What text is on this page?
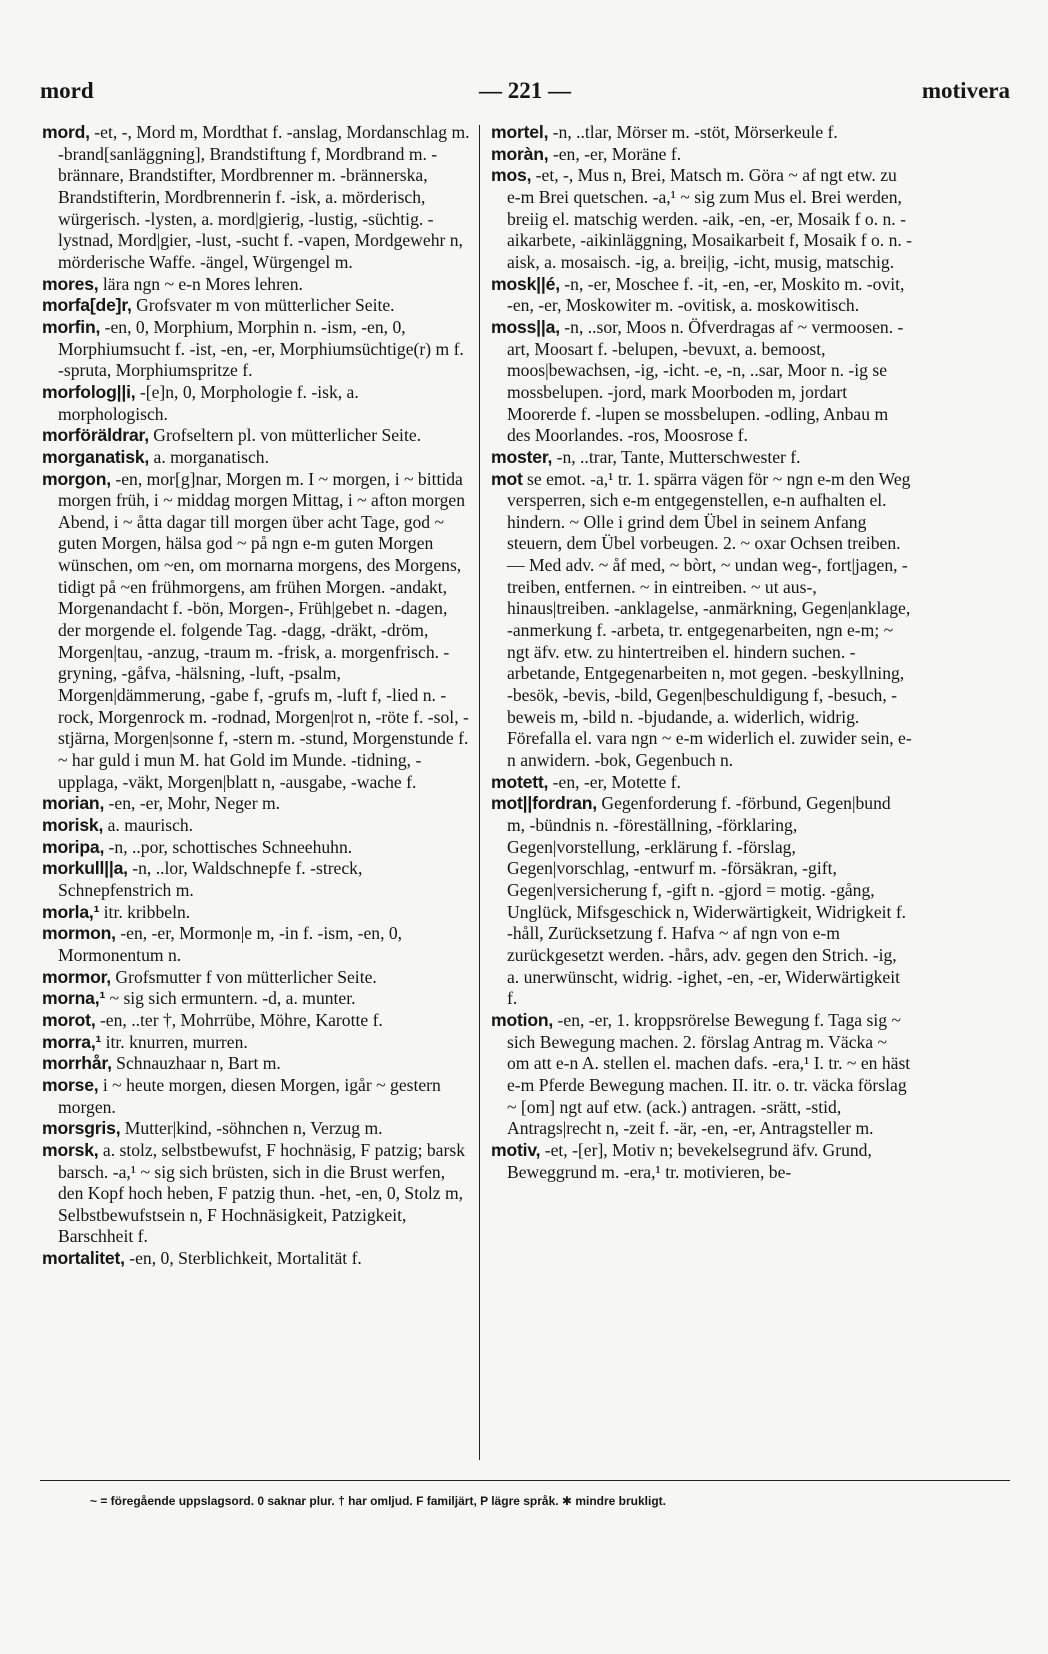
mord	— 221 —	motivera

mord, -et, -, Mord m, Mordthat f. -anslag, Mordanschlag m. -brand[sanläggning], Brandstiftung f, Mordbrand m. -brännare, Brandstifter, Mordbrenner m. -brännerska, Brandstifterin, Mordbrennerin f. -isk, a. mörderisch, würgerisch. -lysten, a. mord|gierig, -lustig, -süchtig. -lystnad, Mord|gier, -lust, -sucht f. -vapen, Mordgewehr n, mörderische Waffe. -ängel, Würgengel m.

mores, lära ngn ~ e-n Mores lehren.

morfa[de]r, Grofsvater m von mütterlicher Seite.

morfin, -en, 0, Morphium, Morphin n. -ism, -en, 0, Morphiumsucht f. -ist, -en, -er, Morphiumsüchtige(r) m f. -spruta, Morphiumspritze f.

morfolog||i, -[e]n, 0, Morphologie f. -isk, a. morphologisch.

morföräldrar, Grofseltern pl. von mütterlicher Seite.

morganatisk, a. morganatisch.

morgon, -en, mor[g]nar, Morgen m. I ~ morgen, i ~ bittida morgen früh, i ~ middag morgen Mittag, i ~ afton morgen Abend, i ~ åtta dagar till morgen über acht Tage, god ~ guten Morgen, hälsa god ~ på ngn e-m guten Morgen wünschen, om ~en, om mornarna morgens, des Morgens, tidigt på ~en frühmorgens, am frühen Morgen. -andakt, Morgenandacht f. -bön, Morgen-, Früh|gebet n. -dagen, der morgende el. folgende Tag. -dagg, -dräkt, -dröm, Morgen|tau, -anzug, -traum m. -frisk, a. morgenfrisch. -gryning, -gåfva, -hälsning, -luft, -psalm, Morgen|dämmerung, -gabe f, -grufs m, -luft f, -lied n. -rock, Morgenrock m. -rodnad, Morgen|rot n, -röte f. -sol, -stjärna, Morgen|sonne f, -stern m. -stund, Morgenstunde f. ~ har guld i mun M. hat Gold im Munde. -tidning, -upplaga, -väkt, Morgen|blatt n, -ausgabe, -wache f.

morian, -en, -er, Mohr, Neger m.

morisk, a. maurisch.

moripa, -n, ..por, schottisches Schneehuhn.

morkull||a, -n, ..lor, Waldschnepfe f. -streck, Schnepfenstrich m.

morla,¹ itr. kribbeln.

mormon, -en, -er, Mormon|e m, -in f. -ism, -en, 0, Mormonentum n.

mormor, Grofsmutter f von mütterlicher Seite.

morna,¹ ~ sig sich ermuntern. -d, a. munter.

morot, -en, ..ter †, Mohrrübe, Möhre, Karotte f.

morra,¹ itr. knurren, murren.

morrhår, Schnauzhaar n, Bart m.

morse, i ~ heute morgen, diesen Morgen, igår ~ gestern morgen.

morsgris, Mutter|kind, -söhnchen n, Verzug m.

morsk, a. stolz, selbstbewufst, F hochnäsig, F patzig; barsk barsch. -a,¹ ~ sig sich brüsten, sich in die Brust werfen, den Kopf hoch heben, F patzig thun. -het, -en, 0, Stolz m, Selbstbewufstsein n, F Hochnäsigkeit, Patzigkeit, Barschheit f.

mortalitet, -en, 0, Sterblichkeit, Mortalität f.

mortel, -n, ..tlar, Mörser m. -stöt, Mörserkeule f.

moràn, -en, -er, Moräne f.

mos, -et, -, Mus n, Brei, Matsch m. Göra ~ af ngt etw. zu e-m Brei quetschen. -a,¹ ~ sig zum Mus el. Brei werden, breiig el. matschig werden. -aik, -en, -er, Mosaik f o. n. -aikarbete, -aikinläggning, Mosaikarbeit f, Mosaik f o. n. -aisk, a. mosaisch. -ig, a. brei|ig, -icht, musig, matschig.

mosk||é, -n, -er, Moschee f. -it, -en, -er, Moskito m. -ovit, -en, -er, Moskowiter m. -ovitisk, a. moskowitisch.

moss||a, -n, ..sor, Moos n. Öfverdragas af ~ vermoosen. -art, Moosart f. -belupen, -bevuxt, a. bemoost, moos|bewachsen, -ig, -icht. -e, -n, ..sar, Moor n. -ig se mossbelupen. -jord, mark Moorboden m, jordart Moorerde f. -lupen se mossbelupen. -odling, Anbau m des Moorlandes. -ros, Moosrose f.

moster, -n, ..trar, Tante, Mutterschwester f.

mot se emot. -a,¹ tr. 1. spärra vägen för ~ ngn e-m den Weg versperren, sich e-m entgegenstellen, e-n aufhalten el. hindern. ~ Olle i grind dem Übel in seinem Anfang steuern, dem Übel vorbeugen. 2. ~ oxar Ochsen treiben. — Med adv. ~ åf med, ~ bòrt, ~ undan weg-, fort|jagen, -treiben, entfernen. ~ in eintreiben. ~ ut aus-, hinaus|treiben. -anklagelse, -anmärkning, Gegen|anklage, -anmerkung f. -arbeta, tr. entgegenarbeiten, ngn e-m; ~ ngt äfv. etw. zu hintertreiben el. hindern suchen. -arbetande, Entgegenarbeiten n, mot gegen. -beskyllning, -besök, -bevis, -bild, Gegen|beschuldigung f, -besuch, -beweis m, -bild n. -bjudande, a. widerlich, widrig. Förefalla el. vara ngn ~ e-m widerlich el. zuwider sein, e-n anwidern. -bok, Gegenbuch n.

motett, -en, -er, Motette f.

mot||fordran, Gegenforderung f. -förbund, Gegen|bund m, -bündnis n. -föreställning, -förklaring, Gegen|vorstellung, -erklärung f. -förslag, Gegen|vorschlag, -entwurf m. -försäkran, -gift, Gegen|versicherung f, -gift n. -gjord = motig. -gång, Unglück, Mifsgeschick n, Widerwärtigkeit, Widrigkeit f. -håll, Zurücksetzung f. Hafva ~ af ngn von e-m zurückgesetzt werden. -hårs, adv. gegen den Strich. -ig, a. unerwünscht, widrig. -ighet, -en, -er, Widerwärtigkeit f.

motion, -en, -er, 1. kroppsrörelse Bewegung f. Taga sig ~ sich Bewegung machen. 2. förslag Antrag m. Väcka ~ om att e-n A. stellen el. machen dafs. -era,¹ I. tr. ~ en häst e-m Pferde Bewegung machen. II. itr. o. tr. väcka förslag ~ [om] ngt auf etw. (ack.) antragen. -srätt, -stid, Antrags|recht n, -zeit f. -är, -en, -er, Antragsteller m.

motiv, -et, -[er], Motiv n; bevekelsegrund äfv. Grund, Beweggrund m. -era,¹ tr. motivieren, be-

~ = föregående uppslagsord. 0 saknar plur. † har omljud. F familjärt, P lägre språk. ✱ mindre brukligt.
